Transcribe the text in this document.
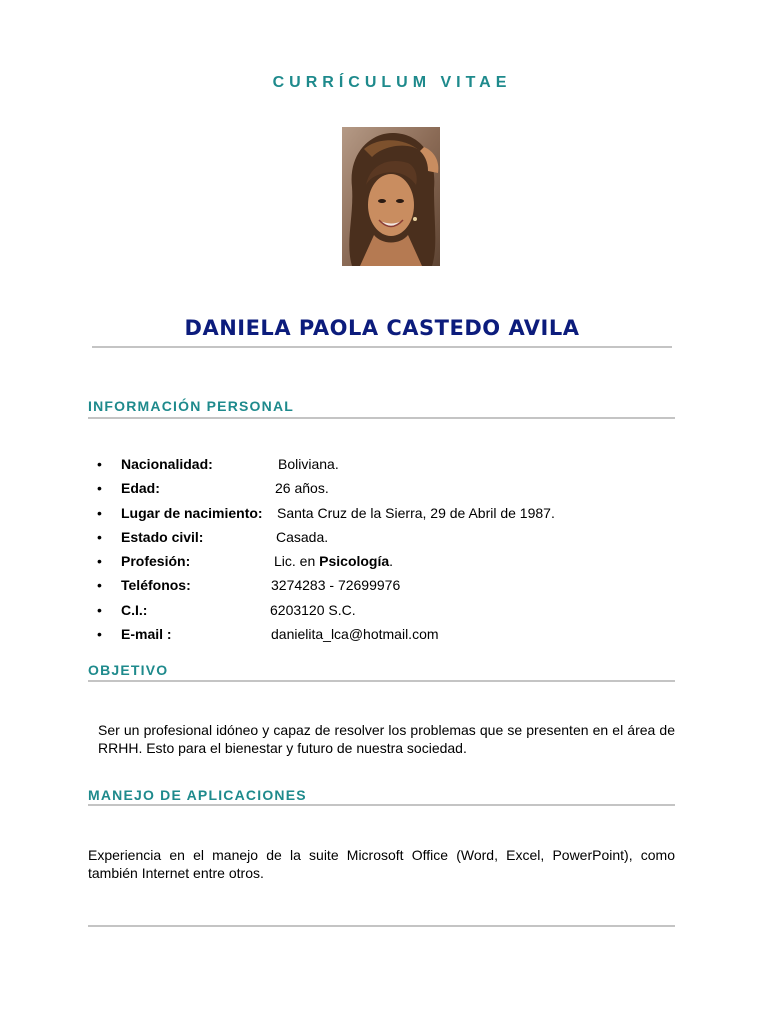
CURRÍCULUM VITAE
DANIELA PAOLA CASTEDO AVILA
INFORMACIÓN PERSONAL
•	Nacionalidad:	Boliviana.
•	Edad:	26 años.
•	Lugar de nacimiento: Santa Cruz de la Sierra, 29 de Abril de 1987.
•	Estado civil:	Casada.
•	Profesión:	Lic. en Psicología.
•	Teléfonos:	3274283 - 72699976
•	C.I.:	6203120 S.C.
•	E-mail :	danielita_lca@hotmail.com
OBJETIVO
Ser un profesional idóneo y capaz de resolver los problemas que se presenten en el área de RRHH. Esto para el bienestar y futuro de nuestra sociedad.
MANEJO DE APLICACIONES
Experiencia en el manejo de la suite Microsoft Office (Word, Excel, PowerPoint), como también Internet entre otros.
